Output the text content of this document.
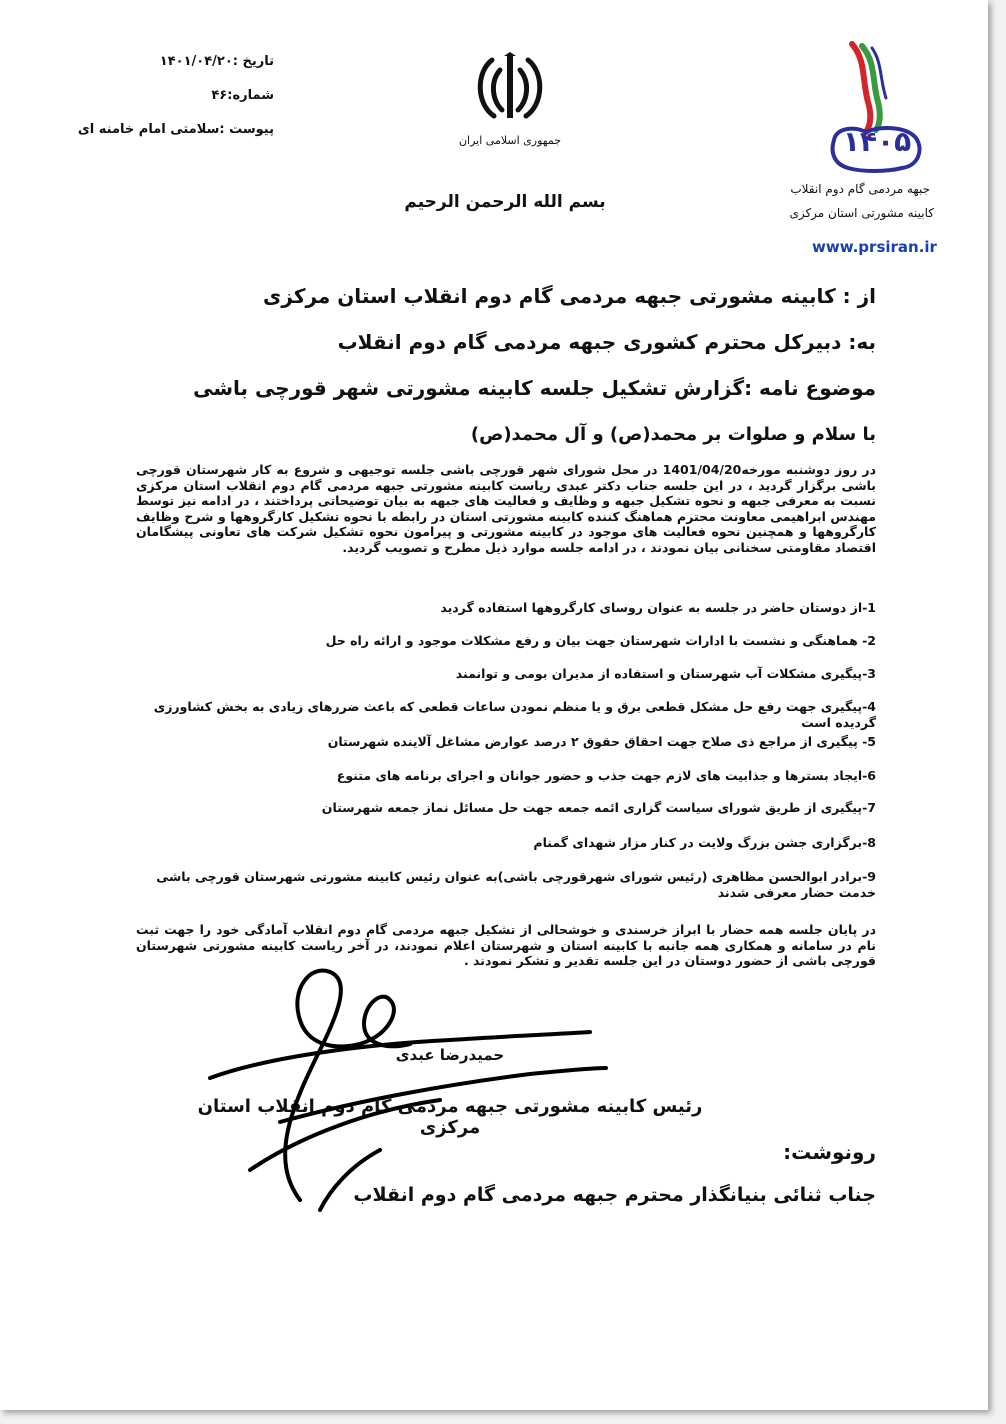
تاریخ :۱۴۰۱/۰۴/۲۰
شماره:۴۶
پیوست :سلامتی امام خامنه ای
جمهوری اسلامی ایران	۱۴۰۵
جبهه مردمی گام دوم انقلاب
کابینه مشورتی استان مرکزی
www.prsiran.ir
بسم الله الرحمن الرحیم
از : کابینه مشورتی جبهه مردمی گام دوم انقلاب استان مرکزی
به: دبیرکل محترم کشوری جبهه مردمی گام دوم انقلاب
موضوع نامه :گزارش تشکیل جلسه کابینه مشورتی شهر قورچی باشی
با سلام و صلوات بر محمد(ص) و آل محمد(ص)
در روز دوشنبه مورخه1401/04/20 در محل شورای شهر قورچی باشی جلسه توجیهی و شروع به کار شهرستان قورچی باشی برگزار گردید ، در این جلسه جناب دکتر عبدی ریاست کابینه مشورتی جبهه مردمی گام دوم انقلاب استان مرکزی نسبت به معرفی جبهه و نحوه تشکیل جبهه و وظایف و فعالیت های جبهه به بیان توضیحاتی پرداختند ، در ادامه نیز توسط مهندس ابراهیمی معاونت محترم هماهنگ کننده کابینه مشورتی استان در رابطه با نحوه تشکیل کارگروهها و شرح وظایف کارگروهها و همچنین نحوه فعالیت های موجود در کابینه مشورتی و پیرامون نحوه تشکیل شرکت های تعاونی پیشگامان اقتصاد مقاومتی سخنانی بیان نمودند ، در ادامه جلسه موارد ذیل مطرح و تصویب گردید.
1-از دوستان حاضر در جلسه به عنوان روسای کارگروهها استفاده گردید
2- هماهنگی و نشست با ادارات شهرستان جهت بیان و رفع مشکلات موجود و ارائه راه حل
3-پیگیری مشکلات آب شهرستان و استفاده از مدیران بومی و توانمند
4-پیگیری جهت رفع حل مشکل قطعی برق و یا منظم نمودن ساعات قطعی که باعث ضررهای زیادی به بخش کشاورزی گردیده است
5- پیگیری از مراجع ذی صلاح جهت احقاق حقوق ۲ درصد عوارض مشاغل آلاینده شهرستان
6-ایجاد بسترها و جذابیت های لازم جهت جذب و حضور جوانان و اجرای برنامه های متنوع
7-پیگیری از طریق شورای سیاست گزاری ائمه جمعه جهت حل مسائل نماز جمعه شهرستان
8-برگزاری جشن بزرگ ولایت در کنار مزار شهدای گمنام
9-برادر ابوالحسن مظاهری (رئیس شورای شهرقورچی باشی)به عنوان رئیس کابینه مشورتی شهرستان قورچی باشی خدمت حضار معرفی شدند
در پایان جلسه همه حضار با ابراز خرسندی و خوشحالی از تشکیل جبهه مردمی گام دوم انقلاب آمادگی خود را جهت ثبت نام در سامانه و همکاری همه جانبه با کابینه استان و شهرستان اعلام نمودند، در آخر ریاست کابینه مشورتی شهرستان قورچی باشی از حضور دوستان در این جلسه تقدیر و تشکر نمودند .
حمیدرضا عبدی
رئیس کابینه مشورتی جبهه مردمی گام دوم انقلاب استان مرکزی
رونوشت:
جناب ثنائی بنیانگذار محترم جبهه مردمی گام دوم انقلاب
